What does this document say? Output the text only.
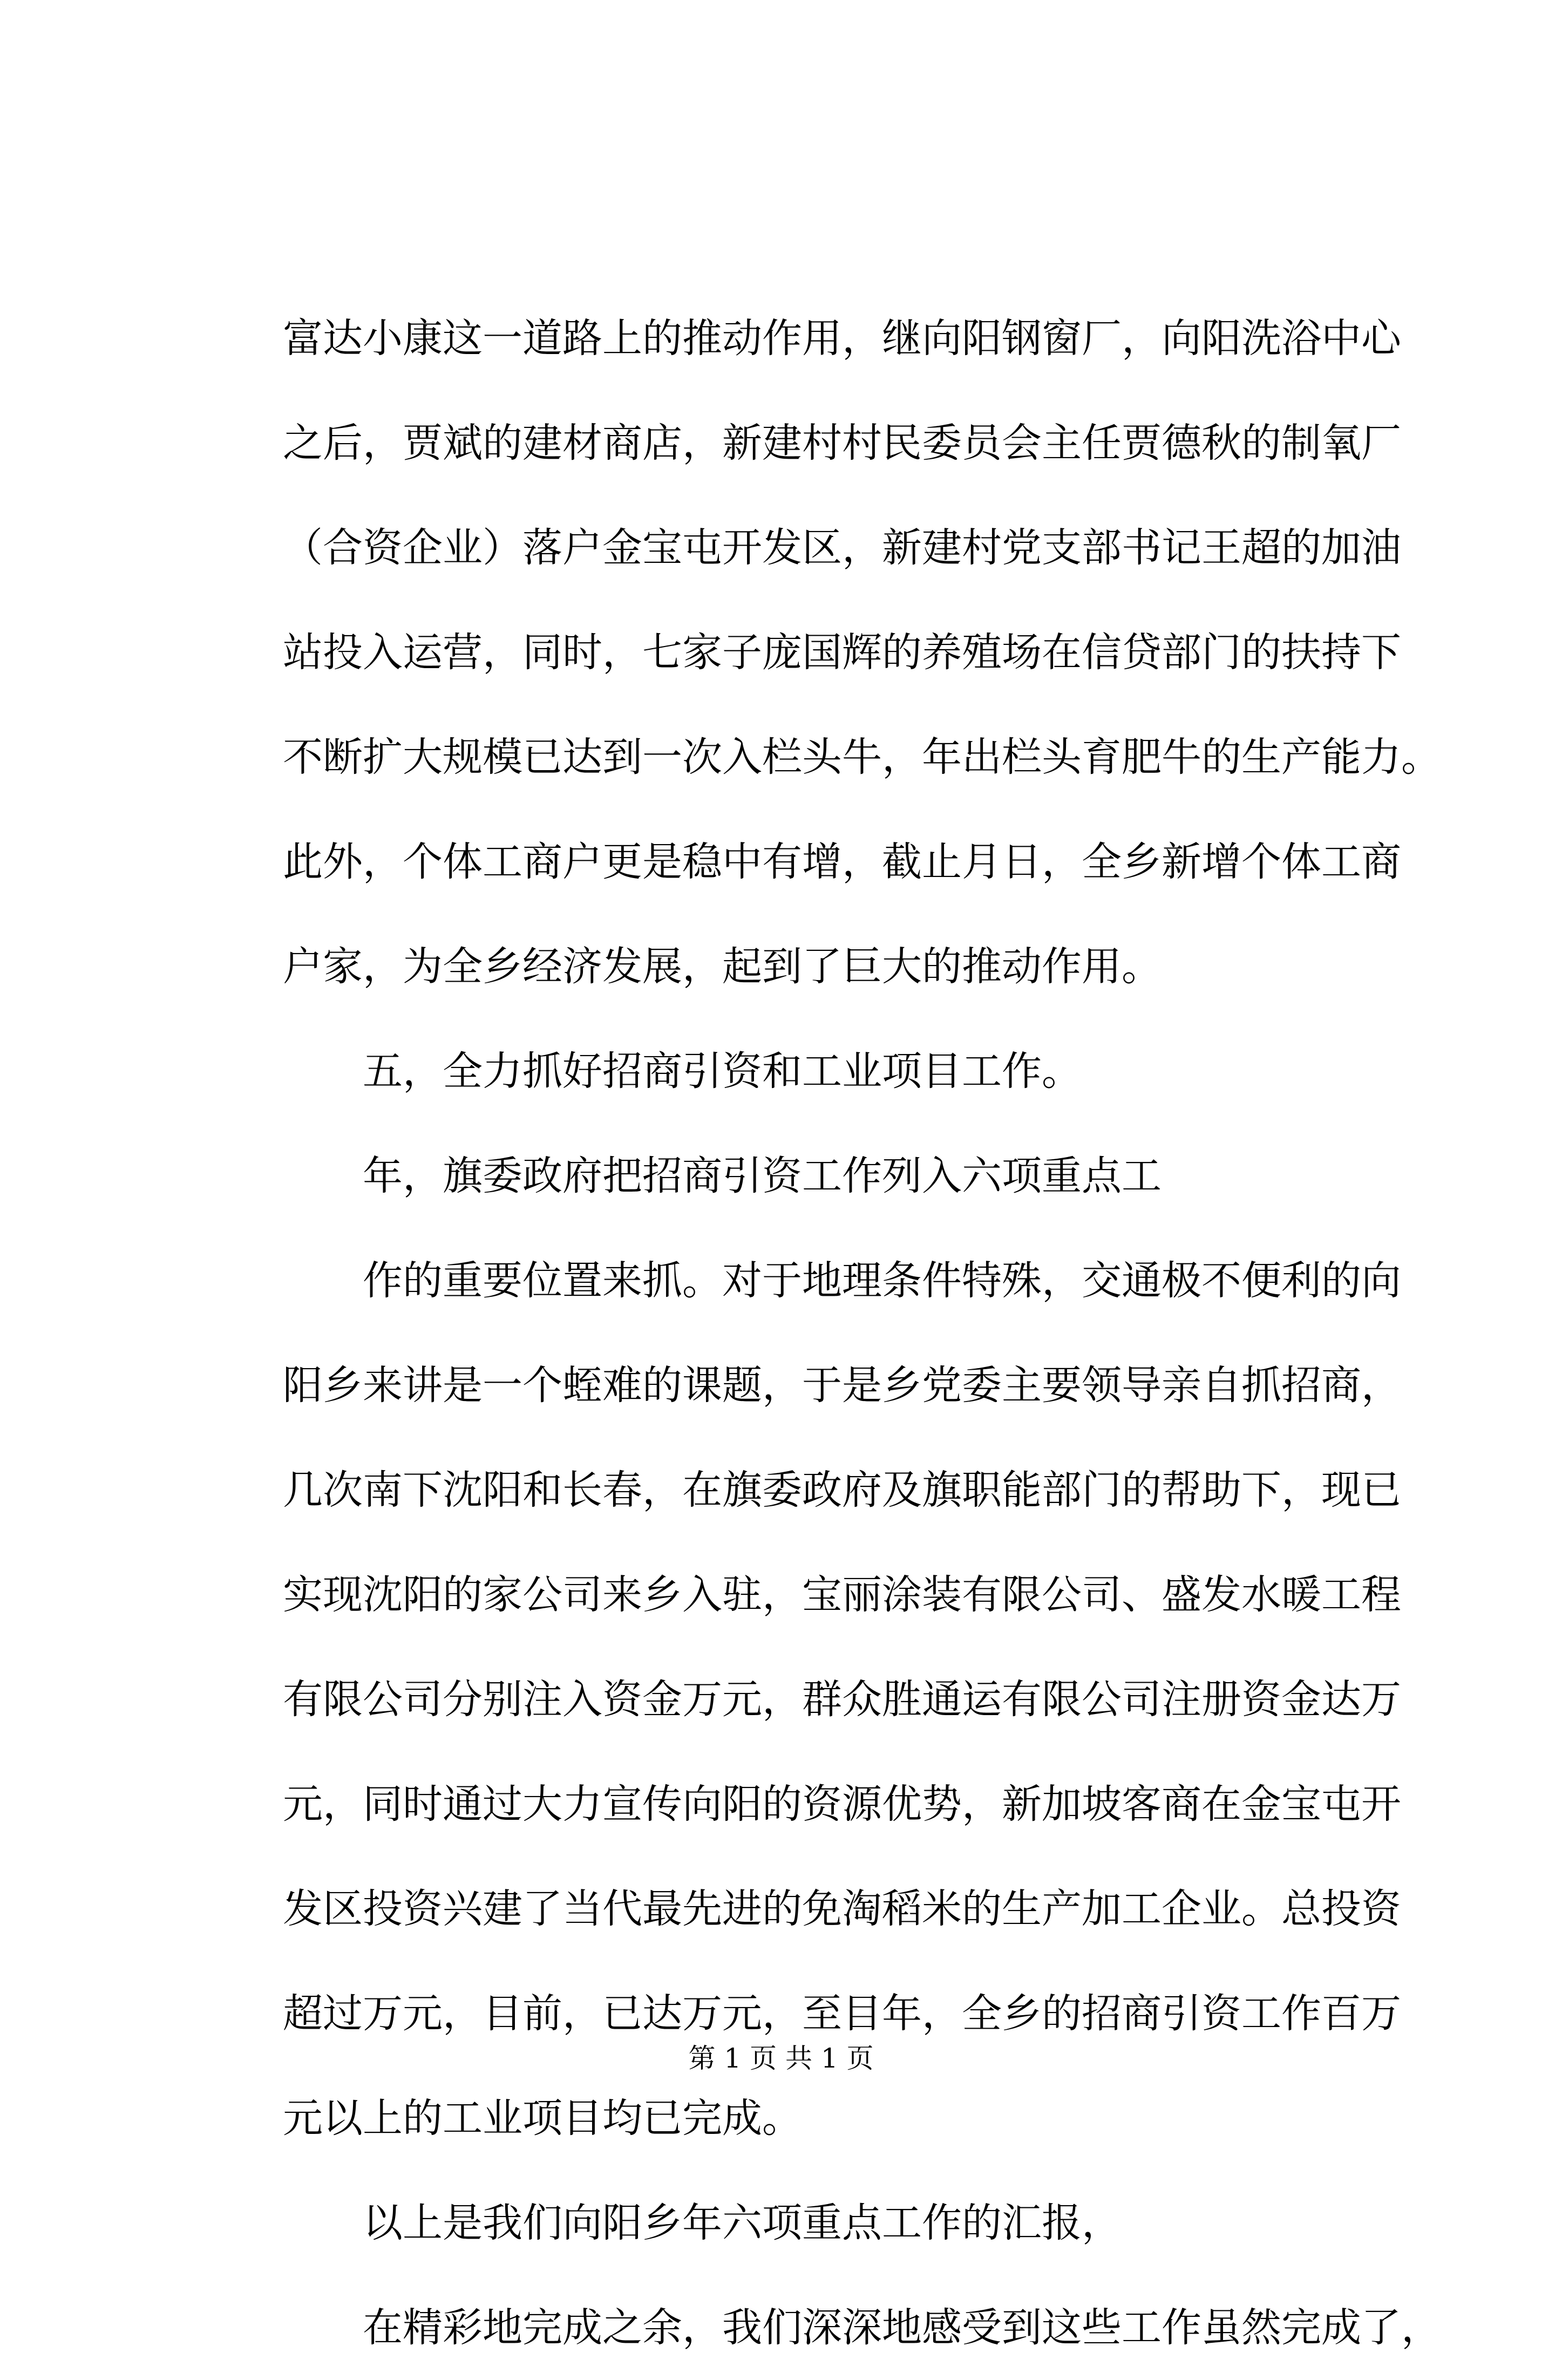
富达小康这一道路上的推动作用，继向阳钢窗厂，向阳洗浴中心
之后，贾斌的建材商店，新建村村民委员会主任贾德秋的制氧厂
（合资企业）落户金宝屯开发区，新建村党支部书记王超的加油
站投入运营，同时，七家子庞国辉的养殖场在信贷部门的扶持下
不断扩大规模已达到一次入栏头牛，年出栏头育肥牛的生产能力。
此外，个体工商户更是稳中有增，截止月日，全乡新增个体工商
户家，为全乡经济发展，起到了巨大的推动作用。
　　五，全力抓好招商引资和工业项目工作。
　　年，旗委政府把招商引资工作列入六项重点工
　　作的重要位置来抓。对于地理条件特殊，交通极不便利的向
阳乡来讲是一个蛭难的课题，于是乡党委主要领导亲自抓招商，
几次南下沈阳和长春，在旗委政府及旗职能部门的帮助下，现已
实现沈阳的家公司来乡入驻，宝丽涂装有限公司、盛发水暖工程
有限公司分别注入资金万元，群众胜通运有限公司注册资金达万
元，同时通过大力宣传向阳的资源优势，新加坡客商在金宝屯开
发区投资兴建了当代最先进的免淘稻米的生产加工企业。总投资
超过万元，目前，已达万元，至目年，全乡的招商引资工作百万
元以上的工业项目均已完成。
　　以上是我们向阳乡年六项重点工作的汇报，
　　在精彩地完成之余，我们深深地感受到这些工作虽然完成了，
第 1 页 共 1 页
